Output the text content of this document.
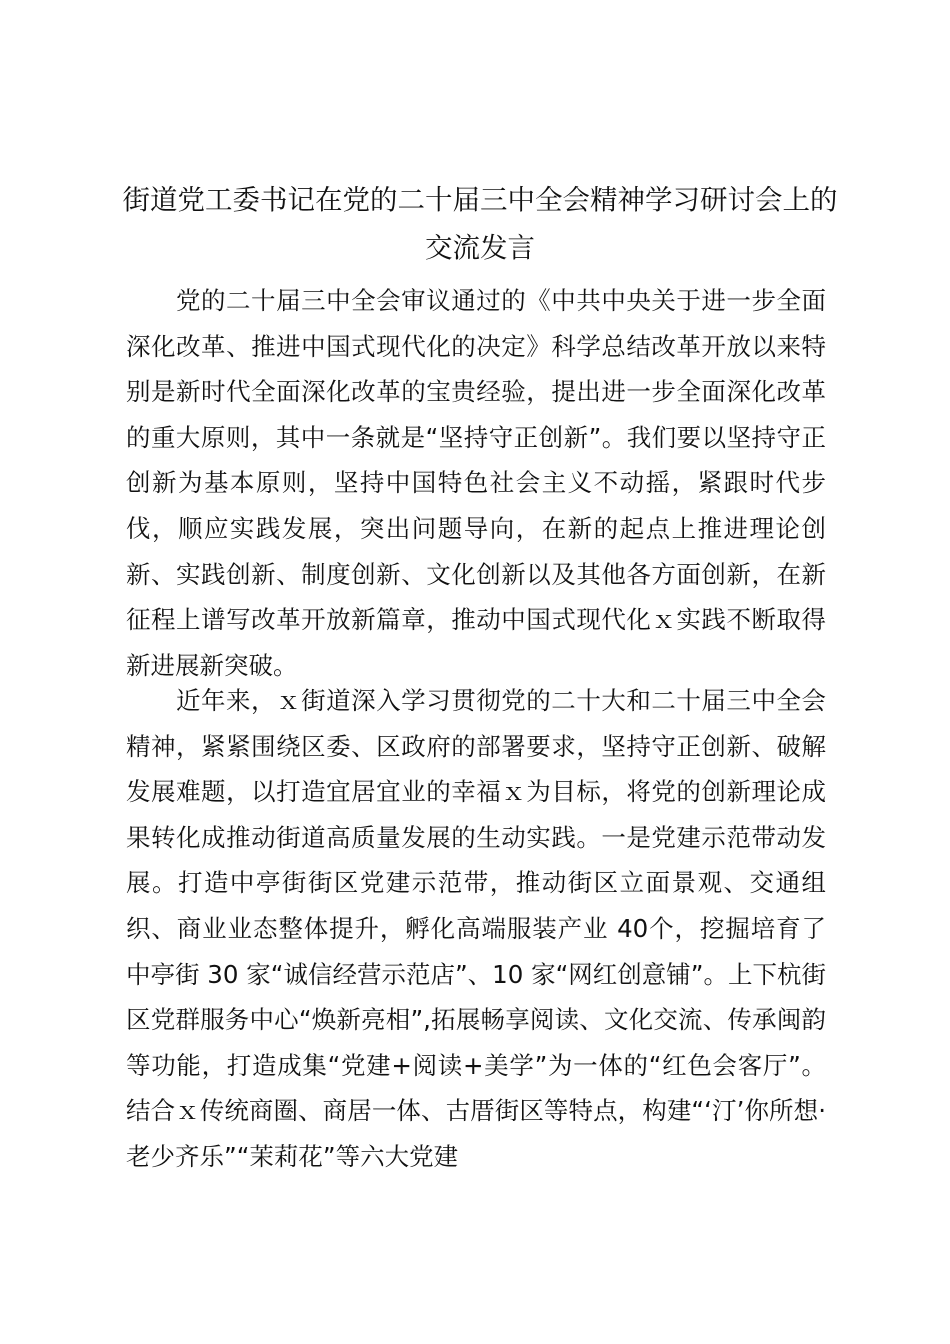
街道党工委书记在党的二十届三中全会精神学习研讨会上的交流发言

党的二十届三中全会审议通过的《中共中央关于进一步全面深化改革、推进中国式现代化的决定》科学总结改革开放以来特别是新时代全面深化改革的宝贵经验，提出进一步全面深化改革的重大原则，其中一条就是“坚持守正创新”。我们要以坚持守正创新为基本原则，坚持中国特色社会主义不动摇，紧跟时代步伐，顺应实践发展，突出问题导向，在新的起点上推进理论创新、实践创新、制度创新、文化创新以及其他各方面创新，在新征程上谱写改革开放新篇章，推动中国式现代化ｘ实践不断取得新进展新突破。

近年来，ｘ街道深入学习贯彻党的二十大和二十届三中全会精神，紧紧围绕区委、区政府的部署要求，坚持守正创新、破解发展难题，以打造宜居宜业的幸福ｘ为目标，将党的创新理论成果转化成推动街道高质量发展的生动实践。一是党建示范带动发展。打造中亭街街区党建示范带，推动街区立面景观、交通组织、商业业态整体提升，孵化高端服装产业 40个，挖掘培育了中亭街 30 家“诚信经营示范店”、10 家“网红创意铺”。上下杭街区党群服务中心“焕新亮相”,拓展畅享阅读、文化交流、传承闽韵等功能，打造成集“党建+阅读+美学”为一体的“红色会客厅”。结合ｘ传统商圈、商居一体、古厝街区等特点，构建“‘汀’你所想·老少齐乐”“茉莉花”等六大党建
